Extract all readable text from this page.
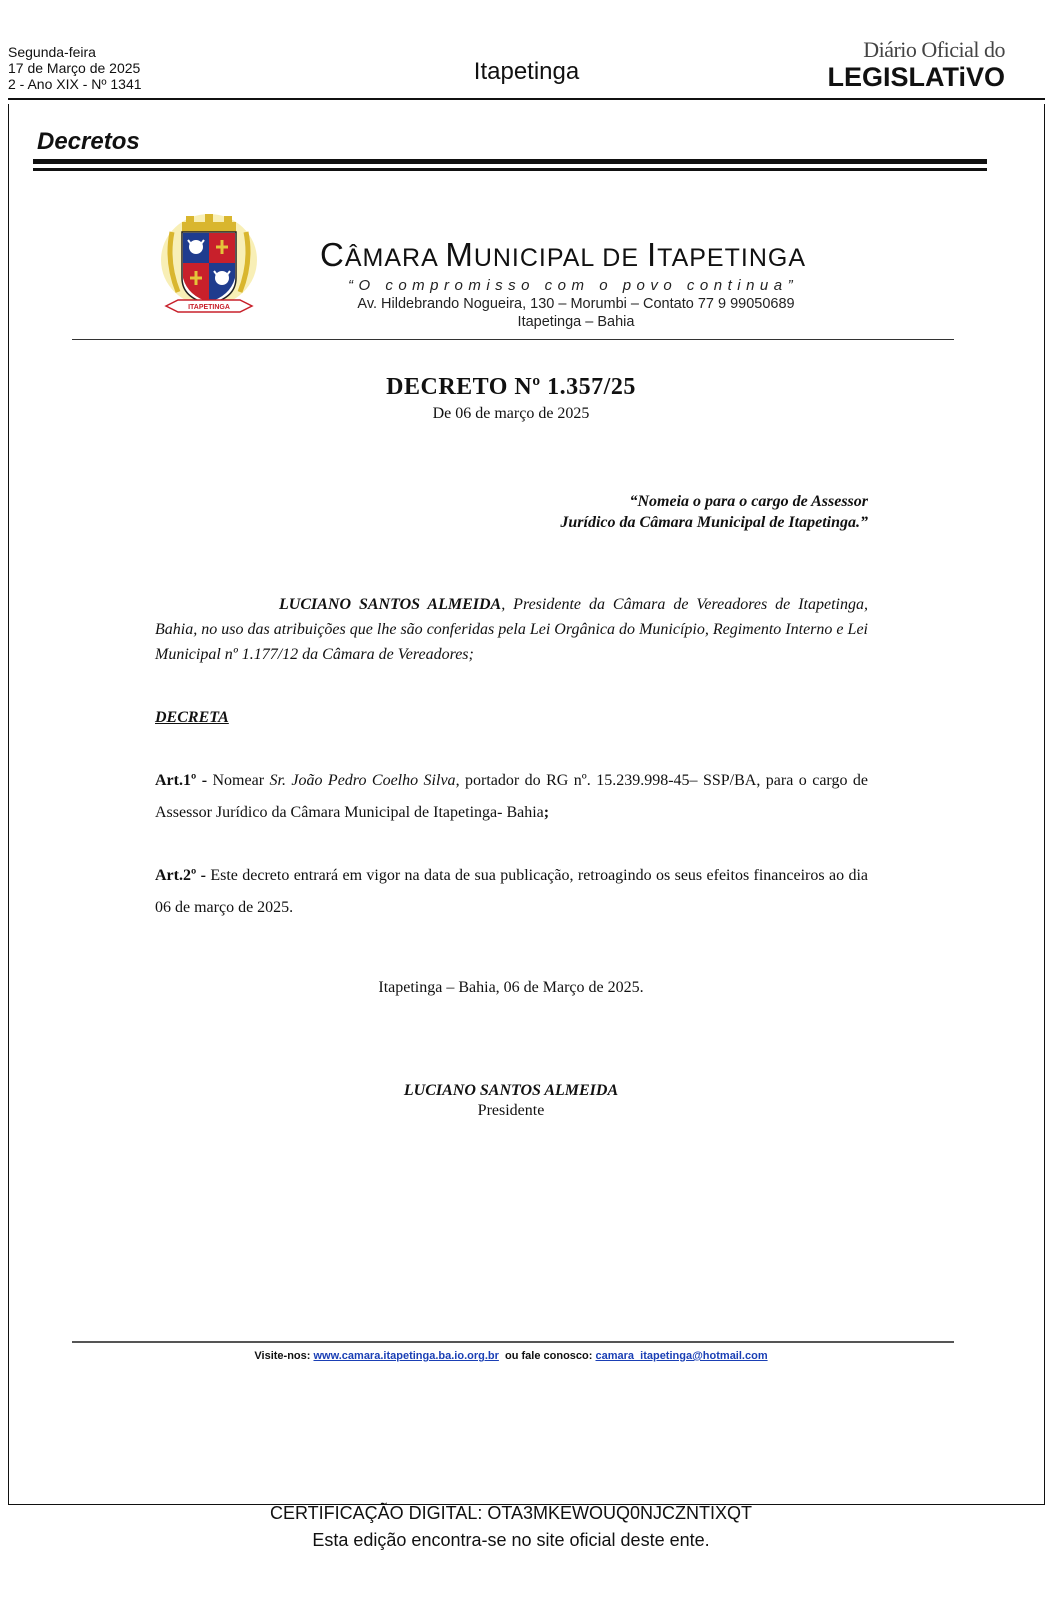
Segunda-feira
17 de Março de 2025
2 - Ano XIX - Nº 1341	Itapetinga
Diário Oficial do
LEGISLATiVO
Decretos
ITAPETINGA
CÂMARA MUNICIPAL DE ITAPETINGA
“O compromisso com o povo continua”
Av. Hildebrando Nogueira, 130 – Morumbi – Contato 77 9 99050689
Itapetinga – Bahia
DECRETO Nº 1.357/25
De 06 de março de 2025
“Nomeia o para o cargo de Assessor
Jurídico da Câmara Municipal de Itapetinga.”
LUCIANO SANTOS ALMEIDA, Presidente da Câmara de Vereadores de Itapetinga, Bahia, no uso das atribuições que lhe são conferidas pela Lei Orgânica do Município, Regimento Interno e Lei Municipal nº 1.177/12 da Câmara de Vereadores;
DECRETA
Art.1º - Nomear Sr. João Pedro Coelho Silva, portador do RG nº. 15.239.998-45– SSP/BA, para o cargo de Assessor Jurídico da Câmara Municipal de Itapetinga- Bahia;
Art.2º - Este decreto entrará em vigor na data de sua publicação, retroagindo os seus efeitos financeiros ao dia 06 de março de 2025.
Itapetinga – Bahia, 06 de Março de 2025.
LUCIANO SANTOS ALMEIDA
Presidente
Visite-nos: www.camara.itapetinga.ba.io.org.br  ou fale conosco: camara_itapetinga@hotmail.com
CERTIFICAÇÃO DIGITAL: OTA3MKEWOUQ0NJCZNTIXQT
Esta edição encontra-se no site oficial deste ente.
